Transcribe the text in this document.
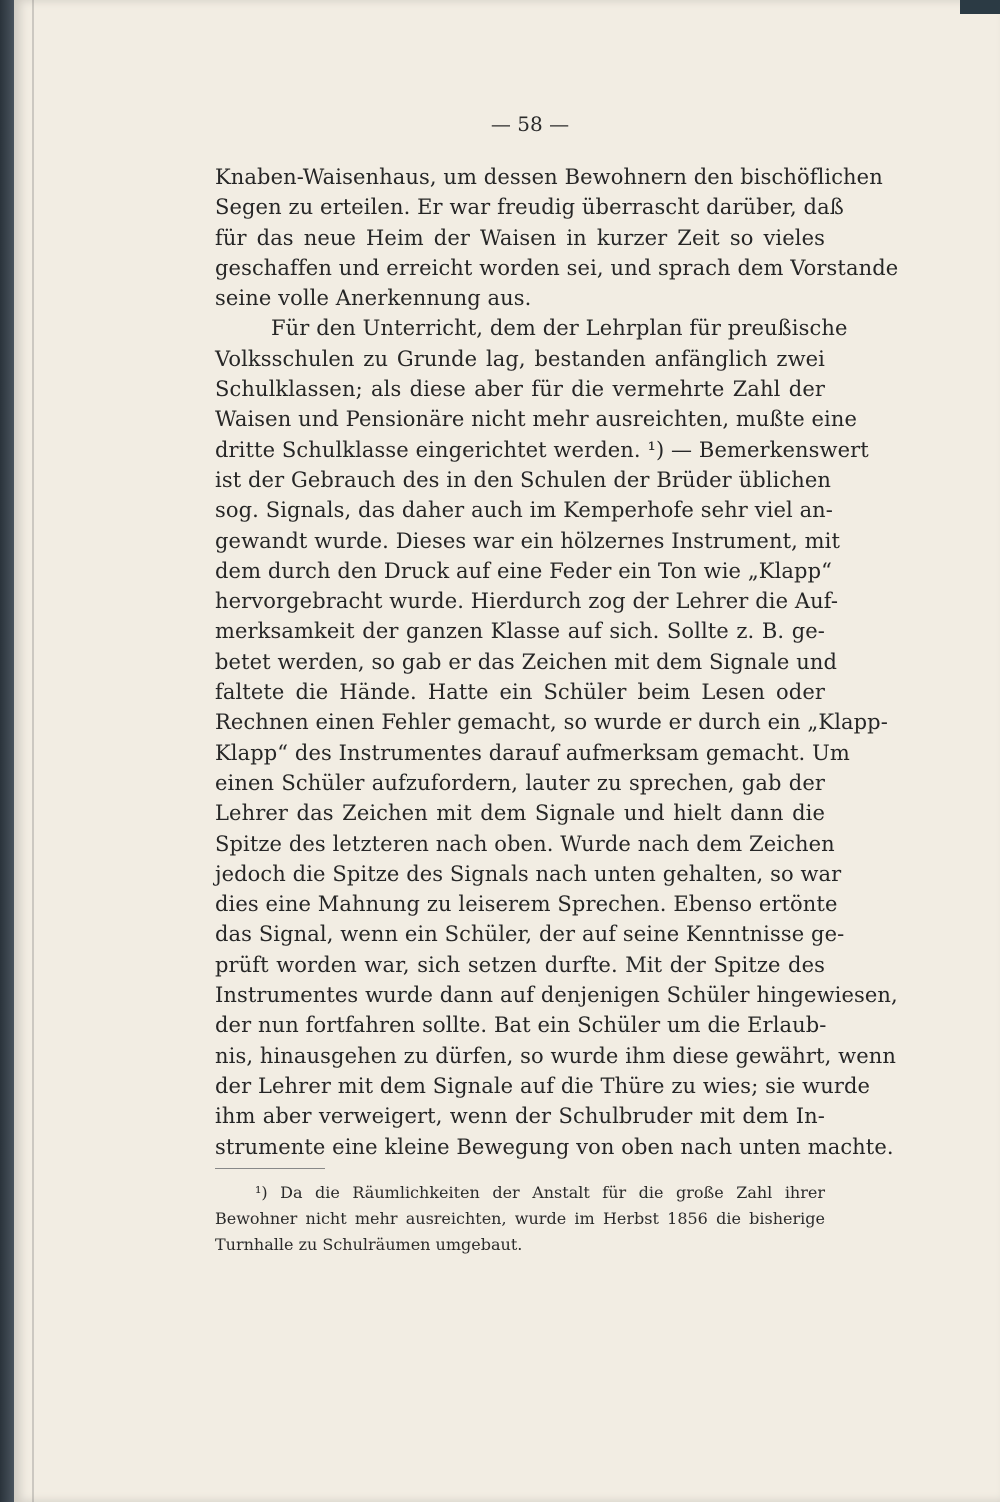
— 58 —
Knaben-Waisenhaus, um dessen Bewohnern den bischöflichen
Segen zu erteilen. Er war freudig überrascht darüber, daß
für das neue Heim der Waisen in kurzer Zeit so vieles
geschaffen und erreicht worden sei, und sprach dem Vorstande
seine volle Anerkennung aus.
Für den Unterricht, dem der Lehrplan für preußische
Volksschulen zu Grunde lag, bestanden anfänglich zwei
Schulklassen; als diese aber für die vermehrte Zahl der
Waisen und Pensionäre nicht mehr ausreichten, mußte eine
dritte Schulklasse eingerichtet werden. ¹) — Bemerkenswert
ist der Gebrauch des in den Schulen der Brüder üblichen
sog. Signals, das daher auch im Kemperhofe sehr viel an-
gewandt wurde. Dieses war ein hölzernes Instrument, mit
dem durch den Druck auf eine Feder ein Ton wie „Klapp“
hervorgebracht wurde. Hierdurch zog der Lehrer die Auf-
merksamkeit der ganzen Klasse auf sich. Sollte z. B. ge-
betet werden, so gab er das Zeichen mit dem Signale und
faltete die Hände. Hatte ein Schüler beim Lesen oder
Rechnen einen Fehler gemacht, so wurde er durch ein „Klapp-
Klapp“ des Instrumentes darauf aufmerksam gemacht. Um
einen Schüler aufzufordern, lauter zu sprechen, gab der
Lehrer das Zeichen mit dem Signale und hielt dann die
Spitze des letzteren nach oben. Wurde nach dem Zeichen
jedoch die Spitze des Signals nach unten gehalten, so war
dies eine Mahnung zu leiserem Sprechen. Ebenso ertönte
das Signal, wenn ein Schüler, der auf seine Kenntnisse ge-
prüft worden war, sich setzen durfte. Mit der Spitze des
Instrumentes wurde dann auf denjenigen Schüler hingewiesen,
der nun fortfahren sollte. Bat ein Schüler um die Erlaub-
nis, hinausgehen zu dürfen, so wurde ihm diese gewährt, wenn
der Lehrer mit dem Signale auf die Thüre zu wies; sie wurde
ihm aber verweigert, wenn der Schulbruder mit dem In-
strumente eine kleine Bewegung von oben nach unten machte.
¹) Da die Räumlichkeiten der Anstalt für die große Zahl ihrer
Bewohner nicht mehr ausreichten, wurde im Herbst 1856 die bisherige
Turnhalle zu Schulräumen umgebaut.
